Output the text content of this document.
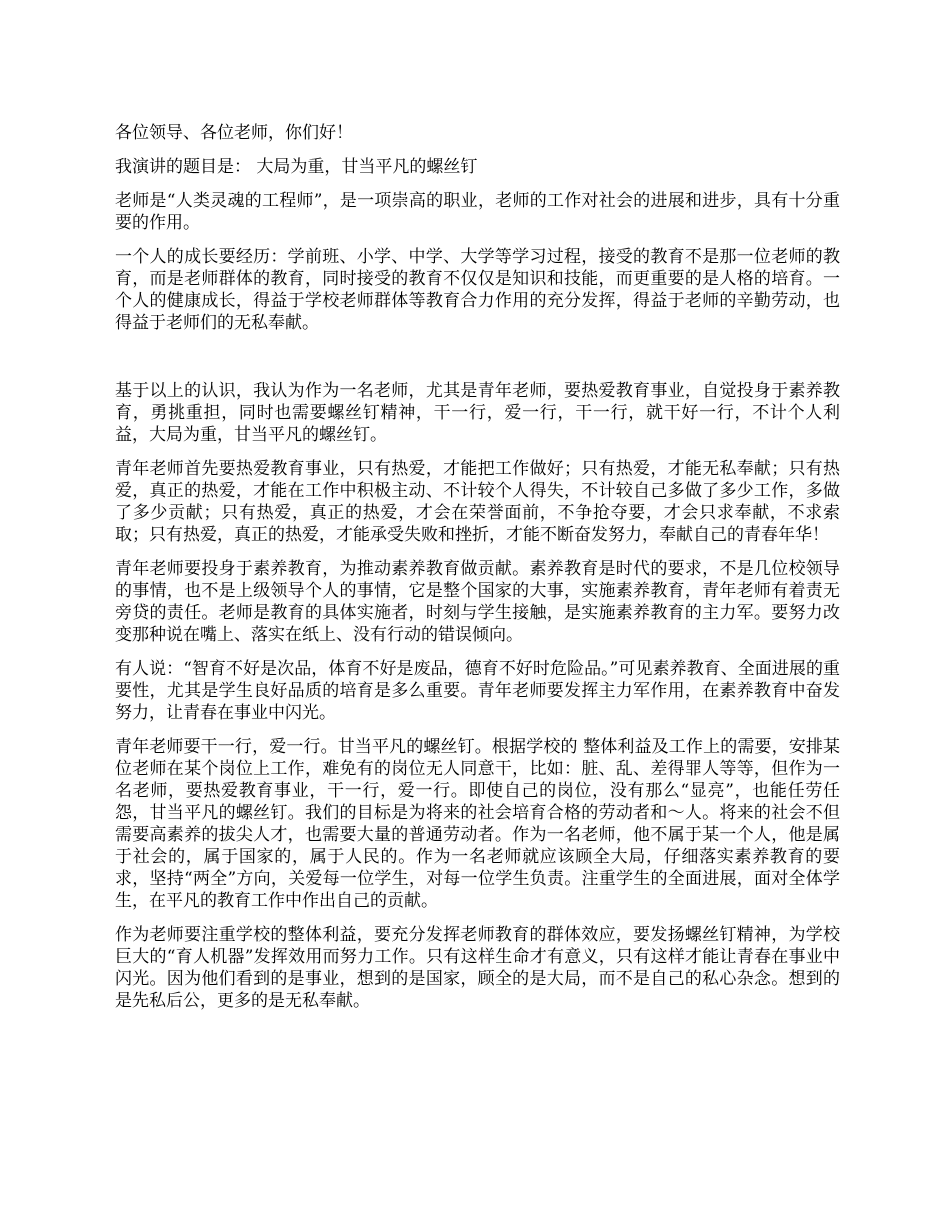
各位领导、各位老师，你们好！

我演讲的题目是： 大局为重，甘当平凡的螺丝钉

老师是“人类灵魂的工程师”，是一项崇高的职业，老师的工作对社会的进展和进步，具有十分重要的作用。

一个人的成长要经历：学前班、小学、中学、大学等学习过程，接受的教育不是那一位老师的教育，而是老师群体的教育，同时接受的教育不仅仅是知识和技能，而更重要的是人格的培育。一个人的健康成长，得益于学校老师群体等教育合力作用的充分发挥，得益于老师的辛勤劳动，也得益于老师们的无私奉献。

基于以上的认识，我认为作为一名老师，尤其是青年老师，要热爱教育事业，自觉投身于素养教育，勇挑重担，同时也需要螺丝钉精神，干一行，爱一行，干一行，就干好一行，不计个人利益，大局为重，甘当平凡的螺丝钉。

青年老师首先要热爱教育事业，只有热爱，才能把工作做好；只有热爱，才能无私奉献；只有热爱，真正的热爱，才能在工作中积极主动、不计较个人得失，不计较自己多做了多少工作，多做了多少贡献；只有热爱，真正的热爱，才会在荣誉面前，不争抢夺要，才会只求奉献，不求索取；只有热爱，真正的热爱，才能承受失败和挫折，才能不断奋发努力，奉献自己的青春年华！

青年老师要投身于素养教育，为推动素养教育做贡献。素养教育是时代的要求，不是几位校领导的事情，也不是上级领导个人的事情，它是整个国家的大事，实施素养教育，青年老师有着责无旁贷的责任。老师是教育的具体实施者，时刻与学生接触，是实施素养教育的主力军。要努力改变那种说在嘴上、落实在纸上、没有行动的错误倾向。

有人说：“智育不好是次品，体育不好是废品，德育不好时危险品。”可见素养教育、全面进展的重要性，尤其是学生良好品质的培育是多么重要。青年老师要发挥主力军作用，在素养教育中奋发努力，让青春在事业中闪光。

青年老师要干一行，爱一行。甘当平凡的螺丝钉。根据学校的 整体利益及工作上的需要，安排某位老师在某个岗位上工作，难免有的岗位无人同意干，比如：脏、乱、差得罪人等等，但作为一名老师，要热爱教育事业，干一行，爱一行。即使自己的岗位，没有那么“显亮”，也能任劳任怨，甘当平凡的螺丝钉。我们的目标是为将来的社会培育合格的劳动者和～人。将来的社会不但需要高素养的拔尖人才，也需要大量的普通劳动者。作为一名老师，他不属于某一个人，他是属于社会的，属于国家的，属于人民的。作为一名老师就应该顾全大局，仔细落实素养教育的要求，坚持“两全”方向，关爱每一位学生，对每一位学生负责。注重学生的全面进展，面对全体学生，在平凡的教育工作中作出自己的贡献。

作为老师要注重学校的整体利益，要充分发挥老师教育的群体效应，要发扬螺丝钉精神，为学校巨大的“育人机器”发挥效用而努力工作。只有这样生命才有意义，只有这样才能让青春在事业中闪光。因为他们看到的是事业，想到的是国家，顾全的是大局，而不是自己的私心杂念。想到的是先私后公，更多的是无私奉献。
